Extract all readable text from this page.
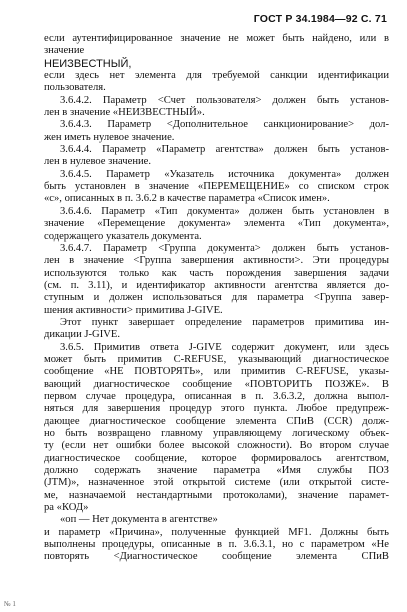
ГОСТ Р 34.1984—92 С. 71
если аутентифицированное значение не может быть найдено, или в
значение
НЕИЗВЕСТНЫЙ,
если здесь нет элемента для требуемой санкции идентификации
пользователя.
3.6.4.2. Параметр <Счет пользователя> должен быть установ-
лен в значение «НЕИЗВЕСТНЫЙ».
3.6.4.3. Параметр <Дополнительное санкционирование> дол-
жен иметь нулевое значение.
3.6.4.4. Параметр «Параметр агентства» должен быть установ-
лен в нулевое значение.
3.6.4.5. Параметр «Указатель источника документа» должен
быть установлен в значение «ПЕРЕМЕЩЕНИЕ» со списком строк
«с», описанных в п. 3.6.2 в качестве параметра «Список имен».
3.6.4.6. Параметр «Тип документа» должен быть установлен в
значение «Перемещение документа» элемента «Тип документа»,
содержащего указатель документа.
3.6.4.7. Параметр <Группа документа> должен быть установ-
лен в значение <Группа завершения активности>. Эти процедуры
используются только как часть порождения завершения задачи
(см. п. 3.11), и идентификатор активности агентства является до-
ступным и должен использоваться для параметра <Группа завер-
шения активности> примитива J-GIVE.
Этот пункт завершает определение параметров примитива ин-
дикации J-GIVE.
3.6.5. Примитив ответа J-GIVE содержит документ, или здесь
может быть примитив C-REFUSE, указывающий диагностическое
сообщение «НЕ ПОВТОРЯТЬ», или примитив C-REFUSE, указы-
вающий диагностическое сообщение «ПОВТОРИТЬ ПОЗЖЕ». В
первом случае процедура, описанная в п. 3.6.3.2, должна выпол-
няться для завершения процедур этого пункта. Любое предупреж-
дающее диагностическое сообщение элемента СПиВ (CCR) долж-
но быть возвращено главному управляющему логическому объек-
ту (если нет ошибки более высокой сложности). Во втором случае
диагностическое сообщение, которое формировалось агентством,
должно содержать значение параметра «Имя службы ПОЗ
(JTM)», назначенное этой открытой системе (или открытой систе-
ме, назначаемой нестандартными протоколами), значение парамет-
ра «КОД»
«оп — Нет документа в агентстве»
и параметр «Причина», полученные функцией MF1. Должны быть
выполнены процедуры, описанные в п. 3.6.3.1, но с параметром «Не
повторять <Диагностическое сообщение элемента СПиВ
№ 1
